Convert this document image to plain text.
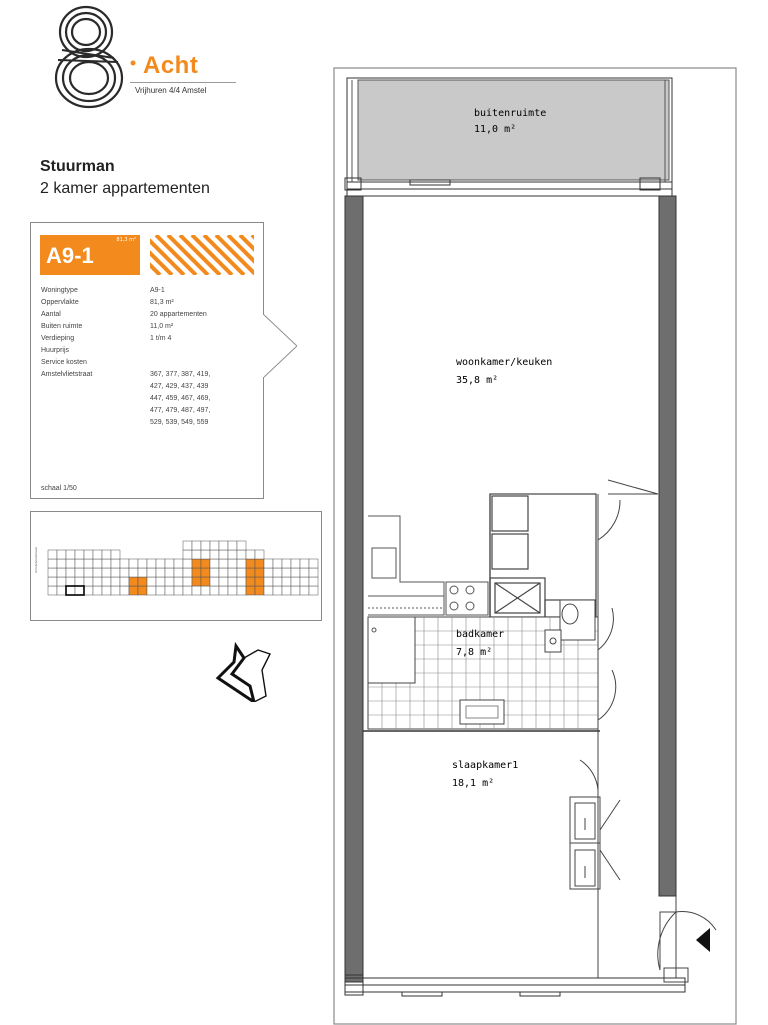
Acht
Vrijhuren 4/4 Amstel
Stuurman
2 kamer appartementen
A9-1
81,3 m²
Woningtype	A9-1
Oppervlakte	81,3 m²
Aantal	20 appartementen
Buiten ruimte	11,0 m²
Verdieping	1 t/m 4
Huurprijs
Service kosten
Amstelvlietstraat	367, 377, 387, 419,
427, 429, 437, 439
447, 459, 467, 469,
477, 479, 487, 497,
529, 539, 549, 559
schaal 1/50
Amstelvlietstraat
buitenruimte
11,0 m²
woonkamer/keuken
35,8 m²
badkamer
7,8 m²
slaapkamer1
18,1 m²
